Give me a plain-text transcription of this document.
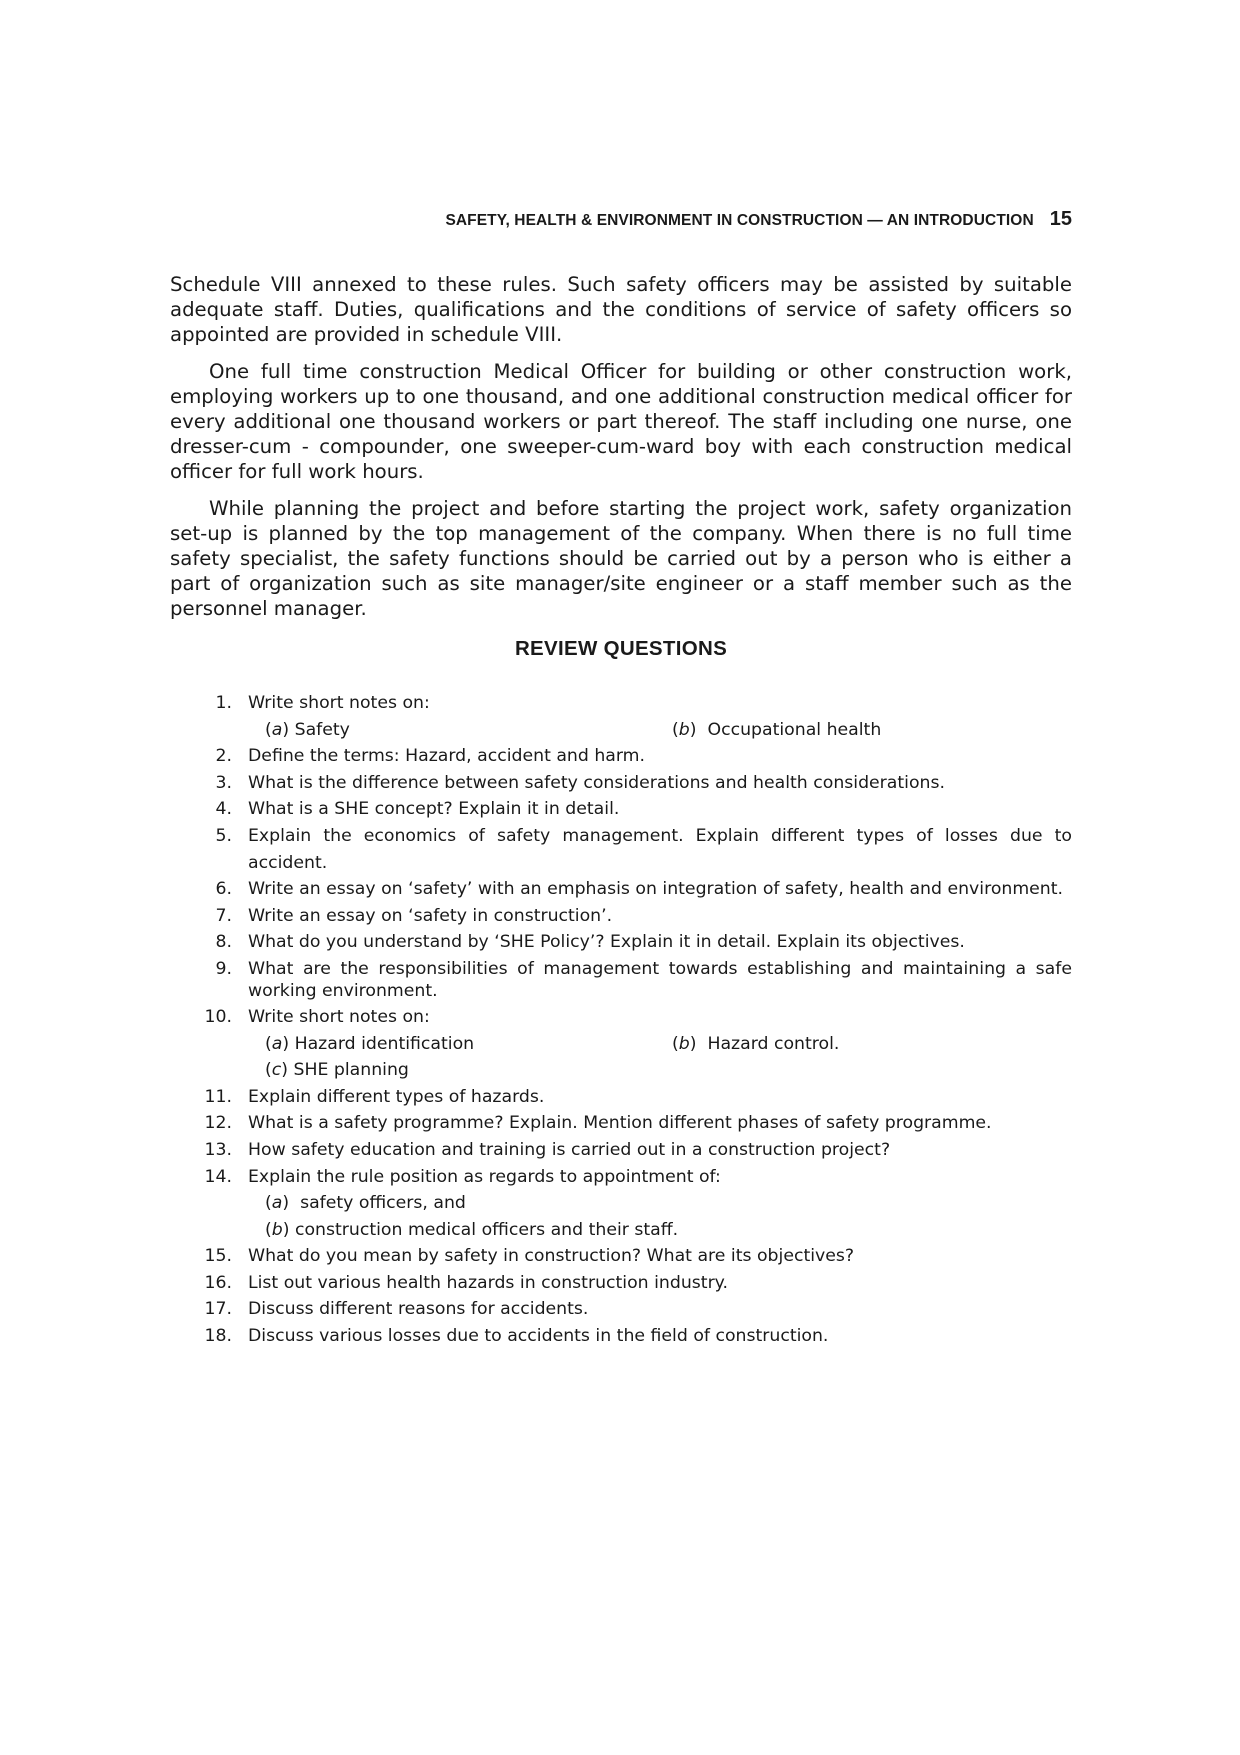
SAFETY, HEALTH & ENVIRONMENT IN CONSTRUCTION — AN INTRODUCTION 15

Schedule VIII annexed to these rules. Such safety officers may be assisted by suitable adequate staff. Duties, qualifications and the conditions of service of safety officers so appointed are provided in schedule VIII.

One full time construction Medical Officer for building or other construction work, employing workers up to one thousand, and one additional construction medical officer for every additional one thousand workers or part thereof. The staff including one nurse, one dresser-cum - compounder, one sweeper-cum-ward boy with each construction medical officer for full work hours.

While planning the project and before starting the project work, safety organization set-up is planned by the top management of the company. When there is no full time safety specialist, the safety functions should be carried out by a person who is either a part of organization such as site manager/site engineer or a staff member such as the personnel manager.

REVIEW QUESTIONS
1. Write short notes on:
(a) Safety	(b)  Occupational health
2. Define the terms: Hazard, accident and harm.
3. What is the difference between safety considerations and health considerations.
4. What is a SHE concept? Explain it in detail.
5. Explain the economics of safety management. Explain different types of losses due to accident.
6. Write an essay on ‘safety’ with an emphasis on integration of safety, health and environment.
7. Write an essay on ‘safety in construction’.
8. What do you understand by ‘SHE Policy’? Explain it in detail. Explain its objectives.
9. What are the responsibilities of management towards establishing and maintaining a safe working environment.
10. Write short notes on:
(a) Hazard identification	(b)  Hazard control.
(c) SHE planning
11. Explain different types of hazards.
12. What is a safety programme? Explain. Mention different phases of safety programme.
13. How safety education and training is carried out in a construction project?
14. Explain the rule position as regards to appointment of:
(a)  safety officers, and
(b) construction medical officers and their staff.
15. What do you mean by safety in construction? What are its objectives?
16. List out various health hazards in construction industry.
17. Discuss different reasons for accidents.
18. Discuss various losses due to accidents in the field of construction.
